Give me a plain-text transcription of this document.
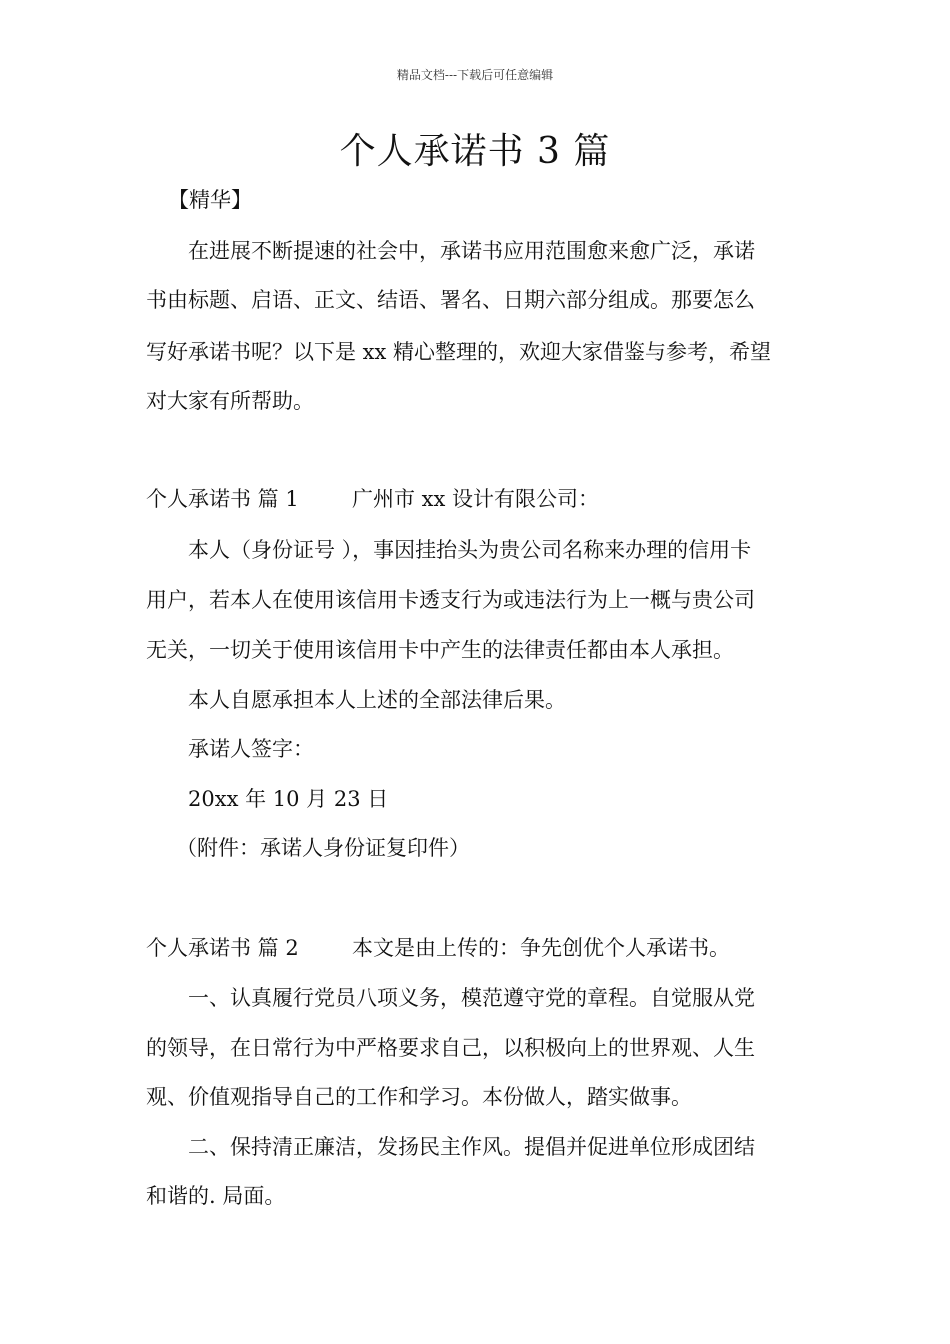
精品文档---下载后可任意编辑
个人承诺书 3 篇
【精华】
在进展不断提速的社会中，承诺书应用范围愈来愈广泛，承诺
书由标题、启语、正文、结语、署名、日期六部分组成。那要怎么
写好承诺书呢？以下是 xx 精心整理的，欢迎大家借鉴与参考，希望
对大家有所帮助。
个人承诺书 篇 1	广州市 xx 设计有限公司：
本人（身份证号 ），事因挂抬头为贵公司名称来办理的信用卡
用户，若本人在使用该信用卡透支行为或违法行为上一概与贵公司
无关，一切关于使用该信用卡中产生的法律责任都由本人承担。
本人自愿承担本人上述的全部法律后果。
承诺人签字：
20xx 年 10 月 23 日
（附件：承诺人身份证复印件）
个人承诺书 篇 2	本文是由上传的：争先创优个人承诺书。
一、认真履行党员八项义务，模范遵守党的章程。自觉服从党
的领导，在日常行为中严格要求自己，以积极向上的世界观、人生
观、价值观指导自己的工作和学习。本份做人，踏实做事。
二、保持清正廉洁，发扬民主作风。提倡并促进单位形成团结
和谐的. 局面。
